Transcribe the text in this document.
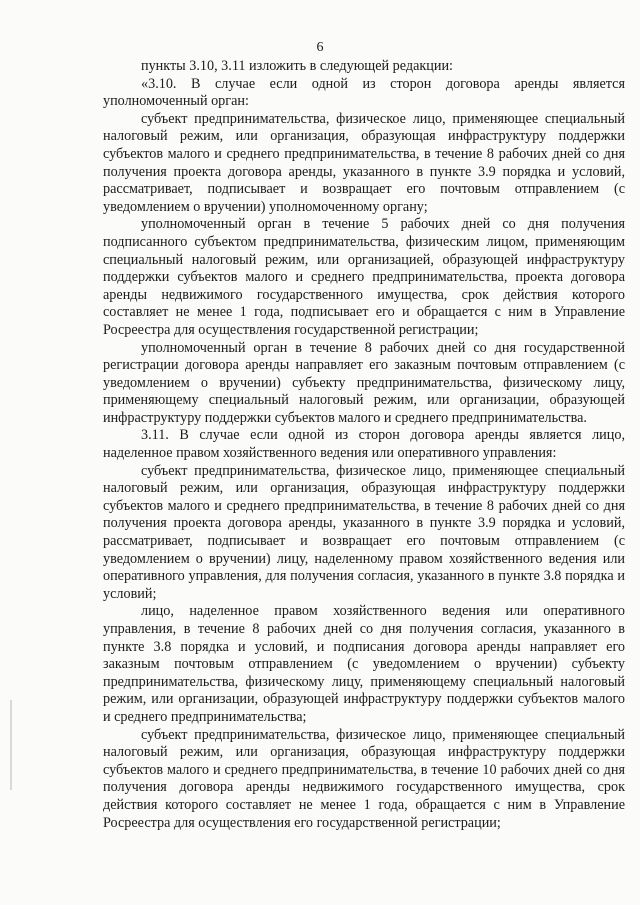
6

пункты 3.10, 3.11 изложить в следующей редакции:

«3.10. В случае если одной из сторон договора аренды является уполномоченный орган:

субъект предпринимательства, физическое лицо, применяющее специальный налоговый режим, или организация, образующая инфраструктуру поддержки субъектов малого и среднего предпринимательства, в течение 8 рабочих дней со дня получения проекта договора аренды, указанного в пункте 3.9 порядка и условий, рассматривает, подписывает и возвращает его почтовым отправлением (с уведомлением о вручении) уполномоченному органу;

уполномоченный орган в течение 5 рабочих дней со дня получения подписанного субъектом предпринимательства, физическим лицом, применяющим специальный налоговый режим, или организацией, образующей инфраструктуру поддержки субъектов малого и среднего предпринимательства, проекта договора аренды недвижимого государственного имущества, срок действия которого составляет не менее 1 года, подписывает его и обращается с ним в Управление Росреестра для осуществления государственной регистрации;

уполномоченный орган в течение 8 рабочих дней со дня государственной регистрации договора аренды направляет его заказным почтовым отправлением (с уведомлением о вручении) субъекту предпринимательства, физическому лицу, применяющему специальный налоговый режим, или организации, образующей инфраструктуру поддержки субъектов малого и среднего предпринимательства.

3.11. В случае если одной из сторон договора аренды является лицо, наделенное правом хозяйственного ведения или оперативного управления:

субъект предпринимательства, физическое лицо, применяющее специальный налоговый режим, или организация, образующая инфраструктуру поддержки субъектов малого и среднего предпринимательства, в течение 8 рабочих дней со дня получения проекта договора аренды, указанного в пункте 3.9 порядка и условий, рассматривает, подписывает и возвращает его почтовым отправлением (с уведомлением о вручении) лицу, наделенному правом хозяйственного ведения или оперативного управления, для получения согласия, указанного в пункте 3.8 порядка и условий;

лицо, наделенное правом хозяйственного ведения или оперативного управления, в течение 8 рабочих дней со дня получения согласия, указанного в пункте 3.8 порядка и условий, и подписания договора аренды направляет его заказным почтовым отправлением (с уведомлением о вручении) субъекту предпринимательства, физическому лицу, применяющему специальный налоговый режим, или организации, образующей инфраструктуру поддержки субъектов малого и среднего предпринимательства;

субъект предпринимательства, физическое лицо, применяющее специальный налоговый режим, или организация, образующая инфраструктуру поддержки субъектов малого и среднего предпринимательства, в течение 10 рабочих дней со дня получения договора аренды недвижимого государственного имущества, срок действия которого составляет не менее 1 года, обращается с ним в Управление Росреестра для осуществления его государственной регистрации;
